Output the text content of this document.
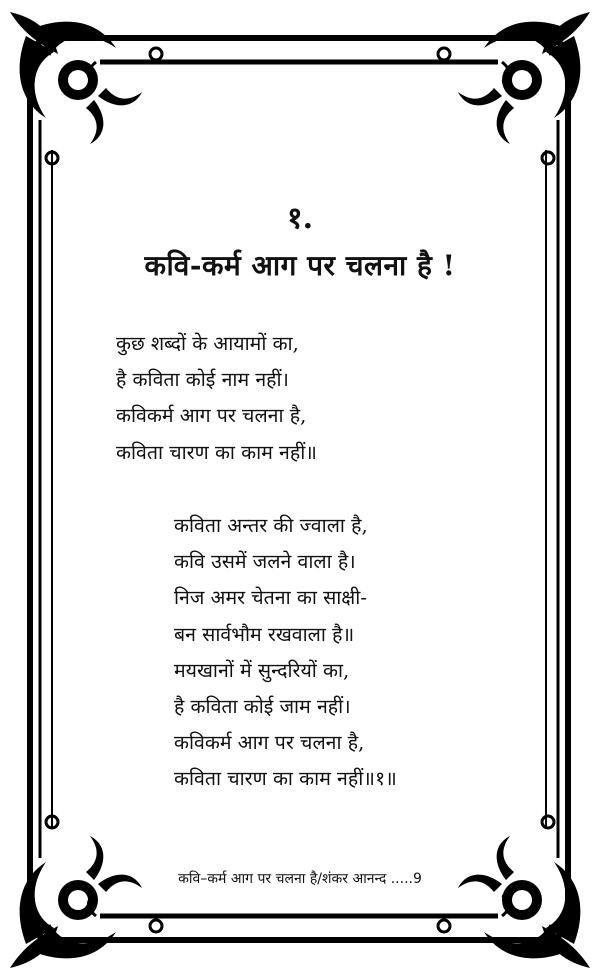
१.
कवि-कर्म आग पर चलना है !
कुछ शब्दों के आयामों का,
है कविता कोई नाम नहीं।
कविकर्म आग पर चलना है,
कविता चारण का काम नहीं॥
कविता अन्तर की ज्वाला है,
कवि उसमें जलने वाला है।
निज अमर चेतना का साक्षी-
बन सार्वभौम रखवाला है॥
मयखानों में सुन्दरियों का,
है कविता कोई जाम नहीं।
कविकर्म आग पर चलना है,
कविता चारण का काम नहीं॥१॥
कवि–कर्म आग पर चलना है/शंकर आनन्द .....9
